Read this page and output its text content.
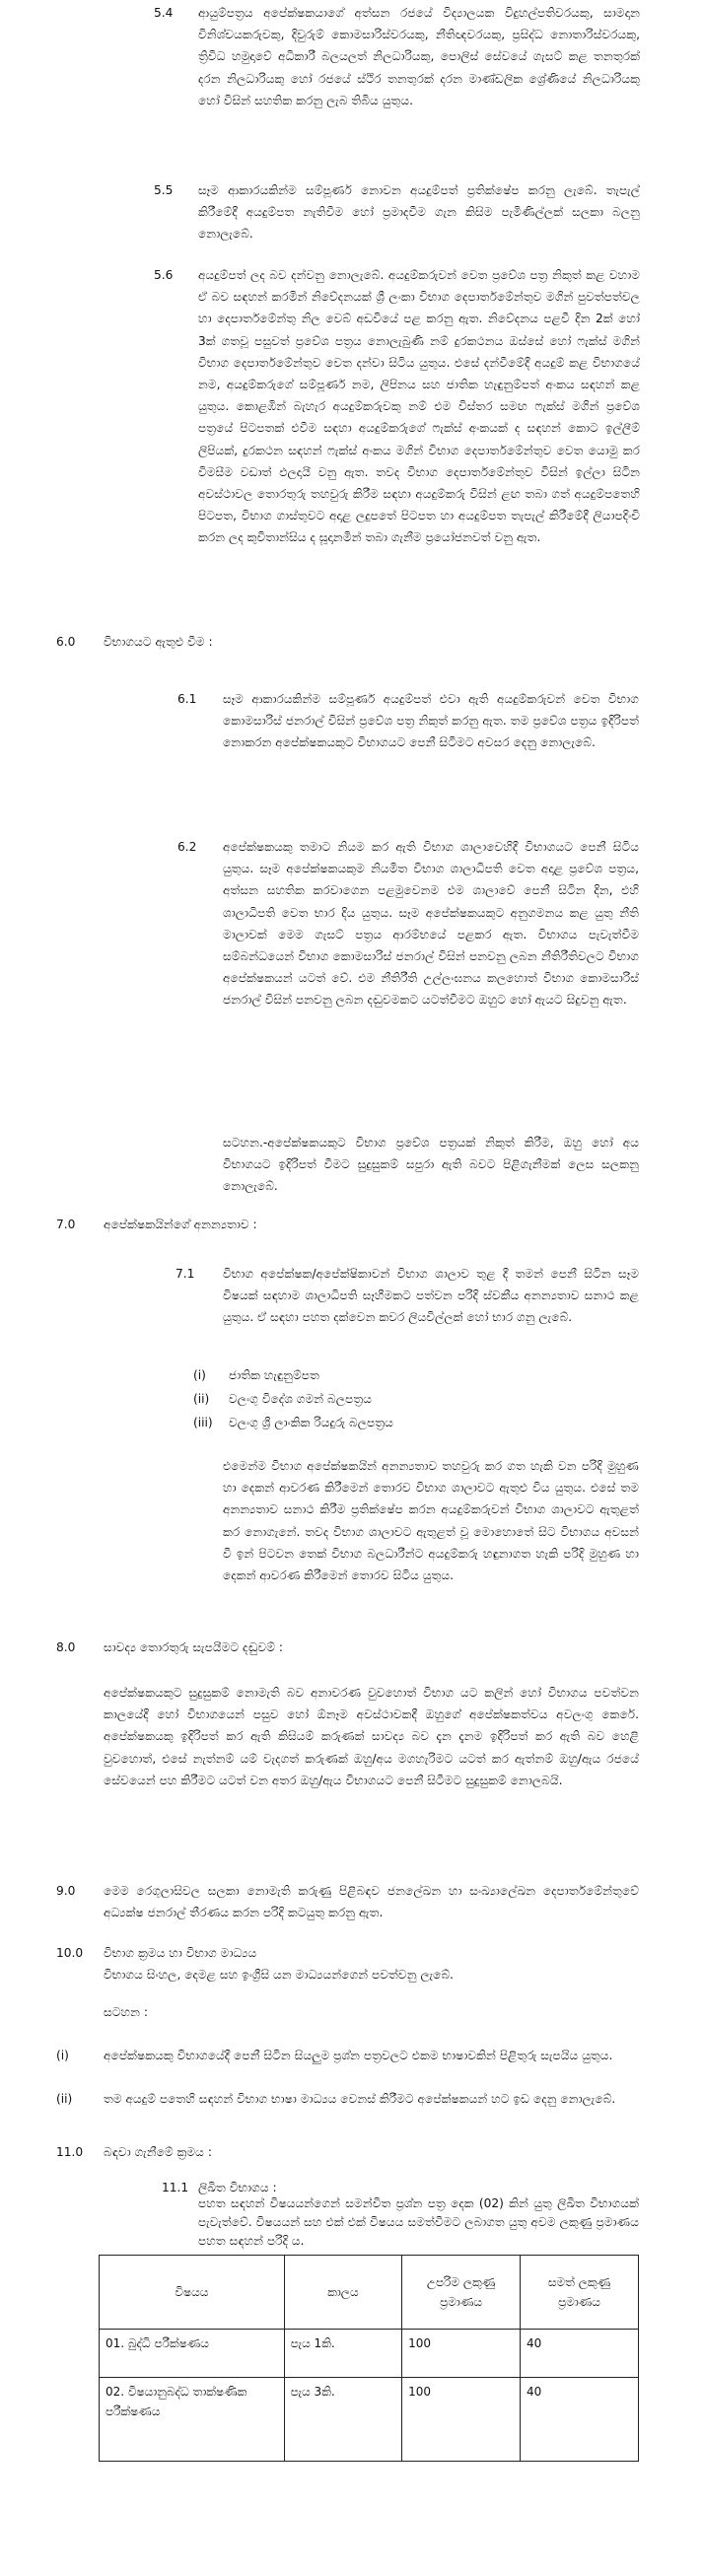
5.4 ආයුම්පත්‍රය අපේක්ෂකයාගේ අත්සන රජයේ විද්‍යාලයක විදුහල්පතිවරයකු, සාමදාන විනිශ්චයකරුවකු, දිවුරුම් කොමසාරිස්වරයකු, නීතිඥවරයකු, ප්‍රසිද්ධ නොතාරිස්වරයකු, ත්‍රිවිධ හමුදාවේ අධිකාරී බලයලත් නිලධාරියකු, පොලිස් සේවයේ ගැසට් කළ තනතුරක් දරන නිලධාරියකු හෝ රජයේ ස්ථිර තනතුරක් දරන මාණ්ඩලික ශ්‍රේණියේ නිලධාරියකු හෝ විසින් සහතික කරනු ලැබ තිබිය යුතුය.

5.5 සෑම ආකාරයකින්ම සම්පූර්ණ නොවන අයදුම්පත් ප්‍රතික්ෂේප කරනු ලැබේ. තැපැල් කිරීමේදී අයදුම්පත නැතිවීම හෝ ප්‍රමාදවීම ගැන කිසිම පැමිණිල්ලක් සලකා බලනු නොලැබේ.

5.6 අයදුම්පත් ලද බව දන්වනු නොලැබේ. අයදුම්කරුවන් වෙත ප්‍රවේශ පත්‍ර නිකුත් කළ වහාම ඒ බව සඳහන් කරමින් නිවේදනයක් ශ්‍රී ලංකා විභාග දෙපාර්තමේන්තුව මගින් පුවත්පත්වල හා දෙපාර්තමේන්තු නිල වෙබ් අඩවියේ පළ කරනු ඇත. නිවේදනය පළවී දින 2ක් හෝ 3ක් ගතවූ පසුවත් ප්‍රවේශ පත්‍රය නොලැබුණි නම් දුරකථනය ඔස්සේ හෝ ෆැක්ස් මගින් විභාග දෙපාර්තමේන්තුව වෙත දන්වා සිටිය යුතුය. එසේ දන්වීමේදී අයදුම් කළ විභාගයේ නම, අයදුම්කරුගේ සම්පූර්ණ නම, ලිපිනය සහ ජාතික හැඳුනුම්පත් අංකය සඳහන් කළ යුතුය. කොළඹින් බැහැර අයදුම්කරුවකු නම් එම විස්තර සමඟ ෆැක්ස් මගින් ප්‍රවේශ පත්‍රයේ පිටපතක් එවීම සඳහා අයදුම්කරුගේ ෆැක්ස් අංකයක් ද සඳහන් කොට ඉල්ලීම් ලිපියක්, දුරකථන සඳහන් ෆැක්ස් අංකය මගින් විභාග දෙපාර්තමේන්තුව වෙත යොමු කර විමසීම වඩාත් ඵලදායී වනු ඇත. තවද විභාග දෙපාර්තමේන්තුව විසින් ඉල්ලා සිටින අවස්ථාවල තොරතුරු තහවුරු කිරීම සඳහා අයදුම්කරු විසින් ළඟ තබා ගත් අයදුම්පතෙහි පිටපත, විභාග ගාස්තුවට අදාළ ලදුපතේ පිටපත හා අයදුම්පත තැපැල් කිරීමේදී ලියාපදිංචි කරන ලද කුවිතාන්සිය ද සූදානමින් තබා ගැනීම ප්‍රයෝජනවත් වනු ඇත.

6.0 විභාගයට ඇතුළු වීම :
6.1 සෑම ආකාරයකින්ම සම්පූර්ණ අයදුම්පත් එවා ඇති අයදුම්කරුවන් වෙත විභාග කොමසාරිස් ජනරාල් විසින් ප්‍රවේශ පත්‍ර නිකුත් කරනු ඇත. තම ප්‍රවේශ පත්‍රය ඉදිරිපත් නොකරන අපේක්ෂකයකුට විභාගයට පෙනී සිටීමට අවසර දෙනු නොලැබේ.

6.2 අපේක්ෂකයකු තමාට නියම කර ඇති විභාග ශාලාවෙහිදී විභාගයට පෙනී සිටිය යුතුය. සෑම අපේක්ෂකයකුම නියමිත විභාග ශාලාධිපති වෙත අදාළ ප්‍රවේශ පත්‍රය, අත්සන සහතික කරවාගෙන පළමුවෙනම එම ශාලාවේ පෙනී සිටින දින, එහි ශාලාධිපති වෙත භාර දිය යුතුය. සෑම අපේක්ෂකයකුට අනුගමනය කළ යුතු නීති මාලාවක් මෙම ගැසට් පත්‍රය ආරම්භයේ පළකර ඇත. විභාගය පැවැත්වීම සම්බන්ධයෙන් විභාග කොමසාරිස් ජනරාල් විසින් පනවනු ලබන නීතිරීතිවලට විභාග අපේක්ෂකයන් යටත් වේ. එම නීතිරීති උල්ලංඝනය කලහොත් විභාග කොමසාරිස් ජනරාල් විසින් පනවනු ලබන දඬුවමකට යටත්වීමට ඔහුට හෝ ඇයට සිදුවනු ඇත.

සටහන.-අපේක්ෂකයකුට විභාග ප්‍රවේශ පත්‍රයක් නිකුත් කිරීම, ඔහු හෝ අය විභාගයට ඉදිරිපත් වීමට සුදුසුකම් සපුරා ඇති බවට පිළිගැනීමක් ලෙස සලකනු නොලැබේ.

7.0 අපේක්ෂකයින්ගේ අනන්‍යතාව :
7.1 විභාග අපේක්ෂක/අපේක්ෂිකාවන් විභාග ශාලාව තුළ දී තමන් පෙනී සිටින සෑම විෂයක් සඳහාම ශාලාධිපති සෑහීමකට පත්වන පරිදි ස්වකීය අනන්‍යතාව සනාථ කළ යුතුය. ඒ සඳහා පහත දක්වෙන කවර ලියවිල්ලක් හෝ භාර ගනු ලැබේ.

(i) ජාතික හැඳුනුම්පත
(ii) වලංගු විදේශ ගමන් බලපත්‍රය
(iii) වලංගු ශ්‍රී ලාංකික රියදුරු බලපත්‍රය

එමෙන්ම විභාග අපේක්ෂකයින් අනන්‍යතාව තහවුරු කර ගත හැකි වන පරිදි මුහුණ හා දෙකන් ආවරණ කිරීමෙන් තොරව විභාග ශාලාවට ඇතුළු විය යුතුය. එසේ තම අනන්‍යතාව සනාථ කිරීම ප්‍රතික්ෂේප කරන අයදුම්කරුවන් විභාග ශාලාවට ඇතුළත් කර නොගැනේ. තවද විභාග ශාලාවට ඇතුළත් වූ මොහොතේ සිට විභාගය අවසන් වී ඉන් පිටවන තෙක් විභාග බලධාරීන්ට අයදුම්කරු හඳුනාගත හැකි පරිදි මුහුණ හා දෙකන් ආවරණ කිරීමෙන් තොරව සිටිය යුතුය.

8.0 සාවද්‍ය තොරතුරු සැපයීමට දඬුවම් :

අපේක්ෂකයකුට සුදුසුකම් නොමැති බව අනාවරණ වුවහොත් විභාග යට කලින් හෝ විභාගය පවත්වන කාලයේදී හෝ විභාගයෙන් පසුව හෝ ඕනෑම අවස්ථාවකදී ඔහුගේ අපේක්ෂකත්වය අවලංගු කෙරේ. අපේක්ෂකයකු ඉදිරිපත් කර ඇති කිසියම් කරුණක් සාවද්‍ය බව දැන දැනම ඉදිරිපත් කර ඇති බව හෙළි වුවහොත්, එසේ නැත්නම් යම් වැදගත් කරුණක් ඔහු/අය මගහැරිමට යටත් කර ඇත්නම් ඔහු/ඇය රජයේ සේවයෙන් පහ කිරීමට යටත් වන අතර ඔහු/ඇය විභාගයට පෙනී සිටීමට සුදුසුකම් නොලබයි.

9.0 මෙම රෙගුලාසිවල සලකා නොමැති කරුණු පිළිබඳව ජනලේඛන හා සංඛ්‍යාලේඛන දෙපාර්තමේන්තුවේ අධ්‍යක්ෂ ජනරාල් තීරණය කරන පරිදි කටයුතු කරනු ඇත.

10.0 විභාග ක්‍රමය හා විභාග මාධ්‍යය
විභාගය සිංහල, දෙමළ සහ ඉංග්‍රීසි යන මාධ්‍යයන්ගෙන් පවත්වනු ලැබේ.
සටහන :
(i)	අපේක්ෂකයකු විභාගයේදී පෙනී සිටින සියලුම ප්‍රශ්න පත්‍රවලට එකම භාෂාවකින් පිළිතුරු සැපයිය යුතුය.

(ii)	තම අයදුම් පතෙහි සඳහන් විභාග භාෂා මාධ්‍යය වෙනස් කිරීමට අපේක්ෂකයන් හට ඉඩ දෙනු නොලැබේ.

11.0 බඳවා ගැනීමේ ක්‍රමය :
11.1 ලිඛිත විභාගය :

පහත සඳහන් විෂයයන්ගෙන් සමන්විත ප්‍රශ්න පත්‍ර දෙක (02) කින් යුතු ලිඛිත විභාගයක් පැවැත්වේ. විෂයයන් සහ එක් එක් විෂයය සමත්වීමට ලබාගත යුතු අවම ලකුණු ප්‍රමාණය පහත සඳහන් පරිදි ය.

විෂයය	කාලය	උපරිම ලකුණු ප්‍රමාණය	සමත් ලකුණු ප්‍රමාණය
01. බුද්ධි පරීක්ෂණය	පැය 1කි.	100	40
02. විෂයානුබද්ධ තාක්ෂණික පරීක්ෂණය	පැය 3කි.	100	40
